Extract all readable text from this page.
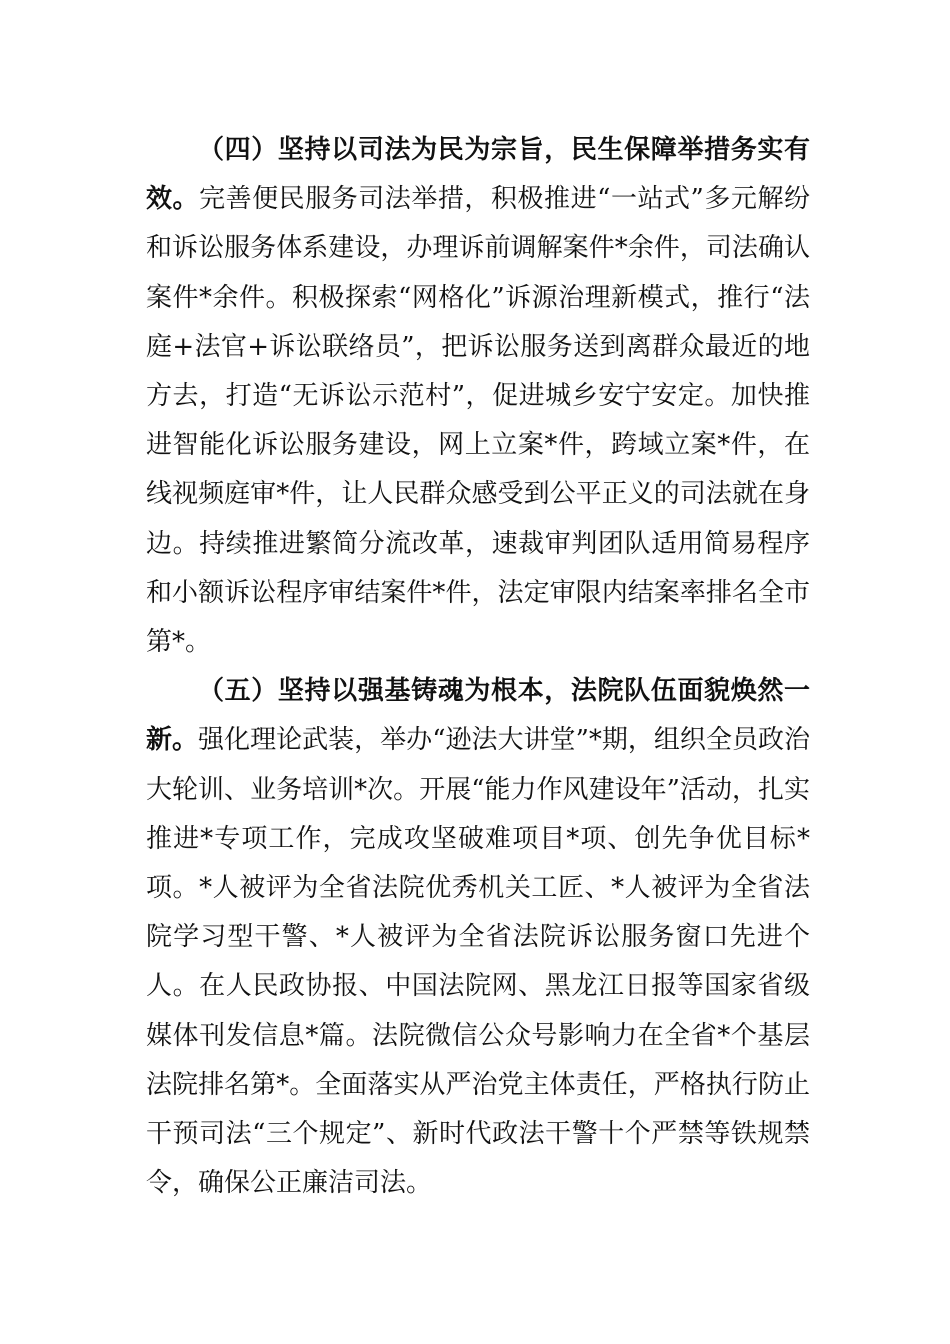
（四）坚持以司法为民为宗旨，民生保障举措务实有效。完善便民服务司法举措，积极推进“一站式”多元解纷和诉讼服务体系建设，办理诉前调解案件*余件，司法确认案件*余件。积极探索“网格化”诉源治理新模式，推行“法庭+法官+诉讼联络员”，把诉讼服务送到离群众最近的地方去，打造“无诉讼示范村”，促进城乡安宁安定。加快推进智能化诉讼服务建设，网上立案*件，跨域立案*件，在线视频庭审*件，让人民群众感受到公平正义的司法就在身边。持续推进繁简分流改革，速裁审判团队适用简易程序和小额诉讼程序审结案件*件，法定审限内结案率排名全市第*。

（五）坚持以强基铸魂为根本，法院队伍面貌焕然一新。强化理论武装，举办“逊法大讲堂”*期，组织全员政治大轮训、业务培训*次。开展“能力作风建设年”活动，扎实推进*专项工作，完成攻坚破难项目*项、创先争优目标*项。*人被评为全省法院优秀机关工匠、*人被评为全省法院学习型干警、*人被评为全省法院诉讼服务窗口先进个人。在人民政协报、中国法院网、黑龙江日报等国家省级媒体刊发信息*篇。法院微信公众号影响力在全省*个基层法院排名第*。全面落实从严治党主体责任，严格执行防止干预司法“三个规定”、新时代政法干警十个严禁等铁规禁令，确保公正廉洁司法。
